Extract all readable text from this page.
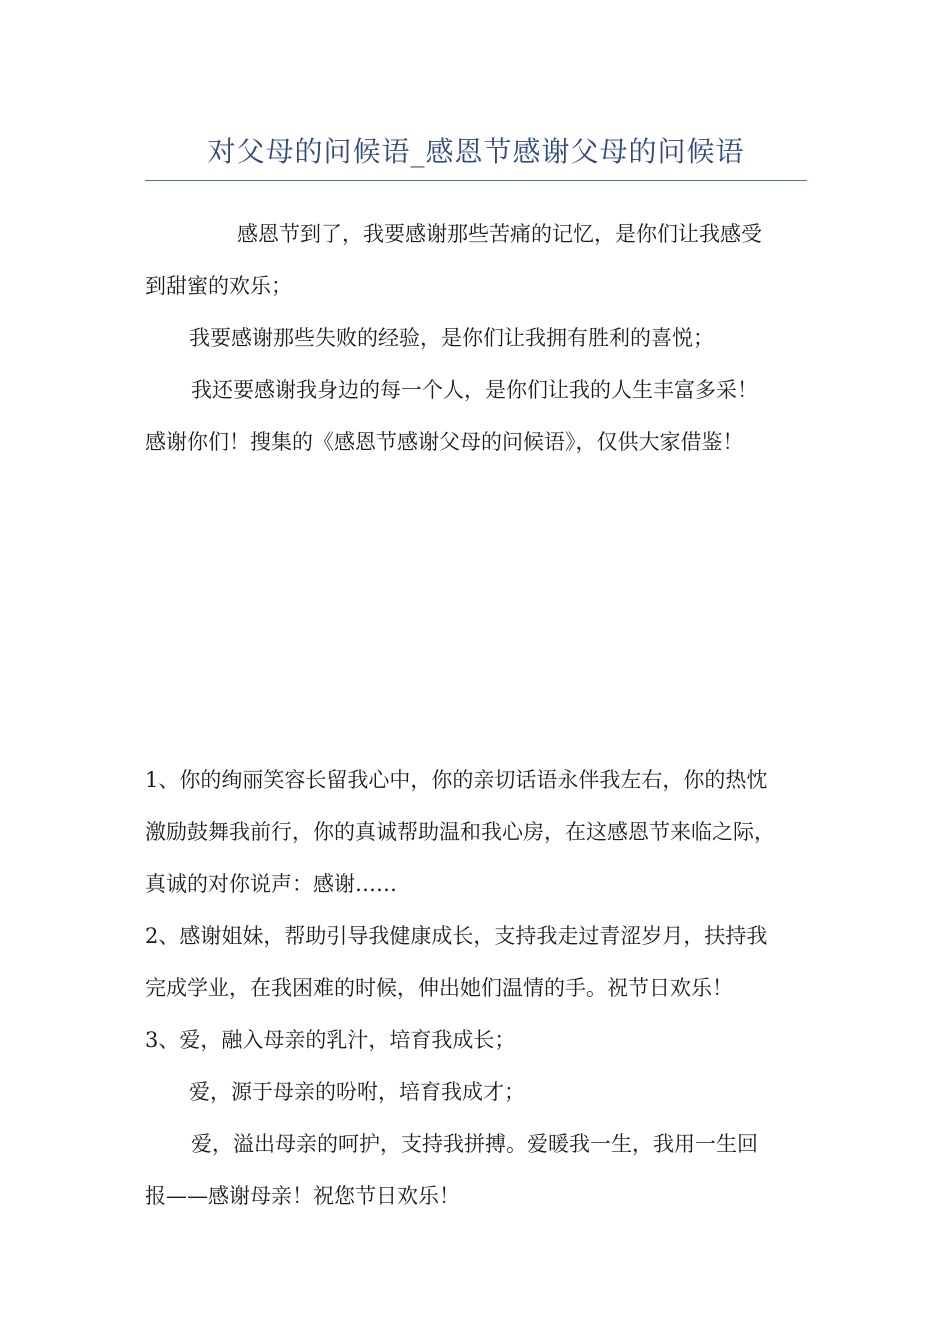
对父母的问候语_感恩节感谢父母的问候语
感恩节到了，我要感谢那些苦痛的记忆，是你们让我感受
到甜蜜的欢乐；
我要感谢那些失败的经验，是你们让我拥有胜利的喜悦；
我还要感谢我身边的每一个人，是你们让我的人生丰富多采！
感谢你们！搜集的《感恩节感谢父母的问候语》，仅供大家借鉴！
1、你的绚丽笑容长留我心中，你的亲切话语永伴我左右，你的热忱
激励鼓舞我前行，你的真诚帮助温和我心房，在这感恩节来临之际，
真诚的对你说声：感谢……
2、感谢姐妹，帮助引导我健康成长，支持我走过青涩岁月，扶持我
完成学业，在我困难的时候，伸出她们温情的手。祝节日欢乐！
3、爱，融入母亲的乳汁，培育我成长；
爱，源于母亲的吩咐，培育我成才；
爱，溢出母亲的呵护，支持我拼搏。爱暖我一生，我用一生回
报——感谢母亲！祝您节日欢乐！
